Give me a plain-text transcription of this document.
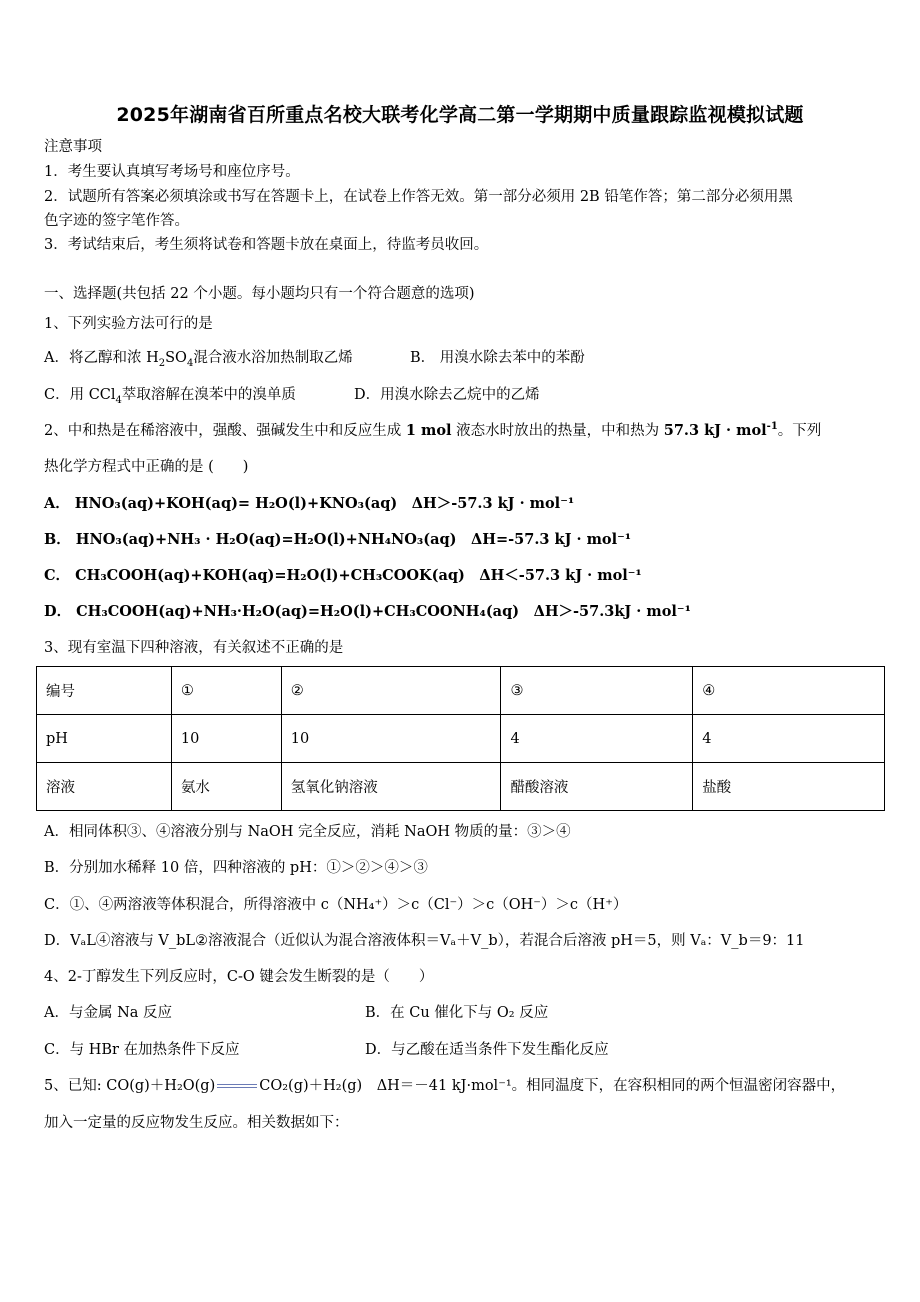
2025年湖南省百所重点名校大联考化学高二第一学期期中质量跟踪监视模拟试题
注意事项
1．考生要认真填写考场号和座位序号。
2．试题所有答案必须填涂或书写在答题卡上，在试卷上作答无效。第一部分必须用 2B 铅笔作答；第二部分必须用黑
色字迹的签字笔作答。
3．考试结束后，考生须将试卷和答题卡放在桌面上，待监考员收回。
一、选择题(共包括 22 个小题。每小题均只有一个符合题意的选项)
1、下列实验方法可行的是
A．将乙醇和浓 $H_2SO_4$混合液水浴加热制取乙烯	B． 用溴水除去苯中的苯酚
C．用 CCl$_4$萃取溶解在溴苯中的溴单质	D．用溴水除去乙烷中的乙烯
2、中和热是在稀溶液中，强酸、强碱发生中和反应生成 1 mol 液态水时放出的热量，中和热为 57.3 kJ · mol$^{-1}$。下列
热化学方程式中正确的是 (　　)
A． HNO₃(aq)+KOH(aq)= H₂O(l)+KNO₃(aq)　ΔH＞-57.3 kJ · mol⁻¹
B． HNO₃(aq)+NH₃ · H₂O(aq)=H₂O(l)+NH₄NO₃(aq)　ΔH=-57.3 kJ · mol⁻¹
C． CH₃COOH(aq)+KOH(aq)=H₂O(l)+CH₃COOK(aq)　ΔH＜-57.3 kJ · mol⁻¹
D． CH₃COOH(aq)+NH₃·H₂O(aq)=H₂O(l)+CH₃COONH₄(aq)　ΔH＞-57.3kJ · mol⁻¹
3、现有室温下四种溶液，有关叙述不正确的是
编号	①	②	③	④
pH	10	10	4	4
溶液	氨水	氢氧化钠溶液	醋酸溶液	盐酸
A．相同体积③、④溶液分别与 NaOH 完全反应，消耗 NaOH 物质的量：③＞④
B．分别加水稀释 10 倍，四种溶液的 pH：①＞②＞④＞③
C．①、④两溶液等体积混合，所得溶液中 c（NH₄⁺）＞c（Cl⁻）＞c（OH⁻）＞c（H⁺）
D．VₐL④溶液与 V_bL②溶液混合（近似认为混合溶液体积＝Vₐ＋V_b），若混合后溶液 pH＝5，则 Vₐ：V_b＝9：11
4、2-丁醇发生下列反应时，C-O 键会发生断裂的是（　　）
A．与金属 Na 反应	B．在 Cu 催化下与 O₂ 反应
C．与 HBr 在加热条件下反应	D．与乙酸在适当条件下发生酯化反应
5、已知: CO(g)＋H₂O(g)	CO₂(g)＋H₂(g)　ΔH＝－41 kJ·mol⁻¹。相同温度下，在容积相同的两个恒温密闭容器中，
加入一定量的反应物发生反应。相关数据如下：
